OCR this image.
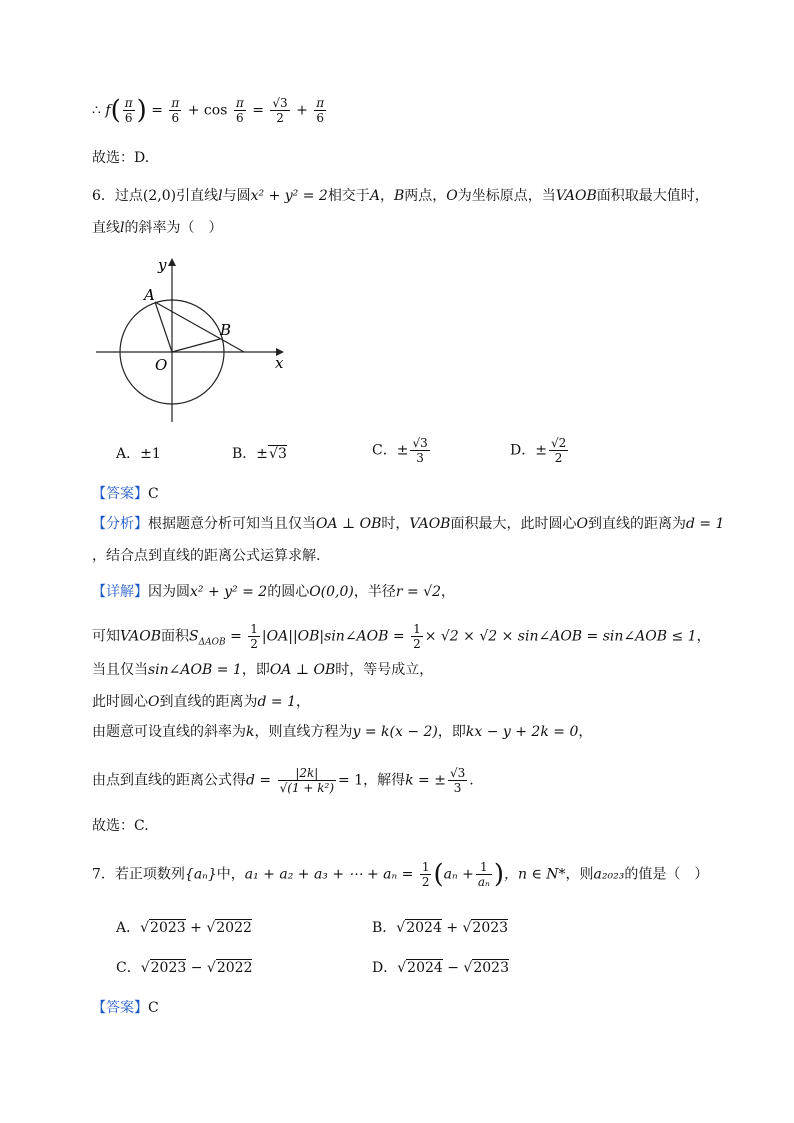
∴ $f( \frac{\pi}{6}$ ) = $\frac{\pi}{6} + \cos \frac{\pi}{6} = \frac{√3}{2} + \frac{\pi}{6}$
故选：D.
6．过点(2,0)引直线l与圆x² + y² = 2相交于A，B两点，O为坐标原点，当VAOB面积取最大值时，
直线l的斜率为（　）
y
x
A
B
O
A．±1	B．±√3	C．± $\frac{√3}{3}$	D．± $\frac{√2}{2}$
【答案】C
【分析】根据题意分析可知当且仅当OA ⊥ OB时，VAOB面积最大，此时圆心O到直线的距离为d = 1
，结合点到直线的距离公式运算求解.
【详解】因为圆x² + y² = 2的圆心O(0,0)，半径r = √2，
可知VAOB面积$S_{\Delta AOB} = \frac{1}{2}$ |OA||OB|sin∠AOB = $\frac{1}{2} \times √2 \times √2$ × sin∠AOB = sin∠AOB ≤ 1，
当且仅当sin∠AOB = 1，即OA ⊥ OB时，等号成立，
此时圆心O到直线的距离为d = 1，
由题意可设直线的斜率为k，则直线方程为y = k(x − 2)，即kx − y + 2k = 0，
由点到直线的距离公式得$d = \frac{|2k|}{\text{√(1 + k²)}} = 1$，解得k = ± $\frac{√3}{3}$ .
故选：C.
7．若正项数列{aₙ}中，a₁ + a₂ + a₃ + ⋯ + $a_n = \frac{1}{2} (a_n + \frac{1}{\text{aₙ}}$ )，n ∈ N*，则a₂₀₂₃的值是（　）
A．√2023 + √2022	B．√2024 + √2023
C．√2023 − √2022	D．√2024 − √2023
【答案】C
